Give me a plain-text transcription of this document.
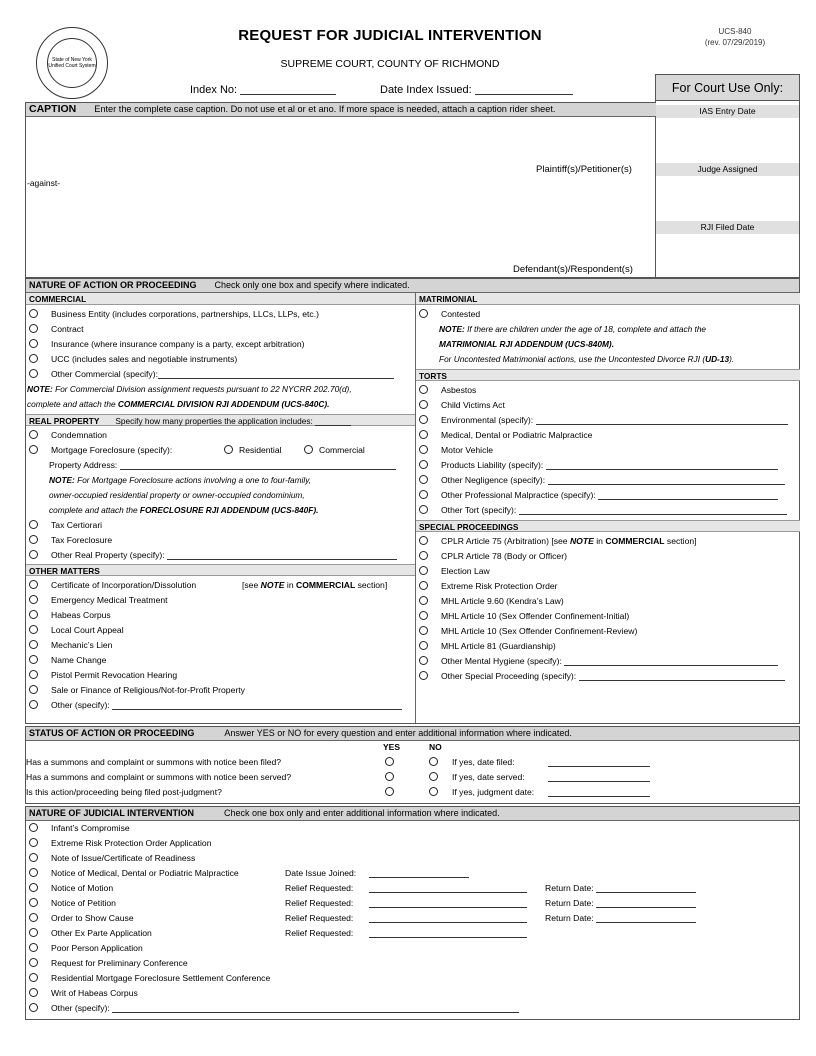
State of New York Unified Court System
REQUEST FOR JUDICIAL INTERVENTION
SUPREME COURT, COUNTY OF RICHMOND
UCS-840
(rev. 07/29/2019)
Index No:	Date Index Issued:	For Court Use Only:
IAS Entry Date
Judge Assigned
RJI Filed Date
CAPTION Enter the complete case caption. Do not use et al or et ano. If more space is needed, attach a caption rider sheet.
Plaintiff(s)/Petitioner(s)
-against-
Defendant(s)/Respondent(s)
NATURE OF ACTION OR PROCEEDING Check only one box and specify where indicated.
COMMERCIAL
Business Entity (includes corporations, partnerships, LLCs, LLPs, etc.)
Contract
Insurance (where insurance company is a party, except arbitration)
UCC (includes sales and negotiable instruments)
Other Commercial (specify):
NOTE: For Commercial Division assignment requests pursuant to 22 NYCRR 202.70(d),
complete and attach the COMMERCIAL DIVISION RJI ADDENDUM (UCS-840C).
REAL PROPERTY Specify how many properties the application includes:
Condemnation
Mortgage Foreclosure (specify):	Residential	Commercial
Property Address:
NOTE: For Mortgage Foreclosure actions involving a one to four-family,
owner-occupied residential property or owner-occupied condominium,
complete and attach the FORECLOSURE RJI ADDENDUM (UCS-840F).
Tax Certiorari
Tax Foreclosure
Other Real Property (specify):
OTHER MATTERS
Certificate of Incorporation/Dissolution	[see NOTE in COMMERCIAL section]
Emergency Medical Treatment
Habeas Corpus
Local Court Appeal
Mechanic’s Lien
Name Change
Pistol Permit Revocation Hearing
Sale or Finance of Religious/Not-for-Profit Property
Other (specify):
MATRIMONIAL
Contested
NOTE: If there are children under the age of 18, complete and attach the
MATRIMONIAL RJI ADDENDUM (UCS-840M).
For Uncontested Matrimonial actions, use the Uncontested Divorce RJI (UD-13).
TORTS
Asbestos
Child Victims Act
Environmental (specify):
Medical, Dental or Podiatric Malpractice
Motor Vehicle
Products Liability (specify):
Other Negligence (specify):
Other Professional Malpractice (specify):
Other Tort (specify):
SPECIAL PROCEEDINGS
CPLR Article 75 (Arbitration) [see NOTE in COMMERCIAL section]
CPLR Article 78 (Body or Officer)
Election Law
Extreme Risk Protection Order
MHL Article 9.60 (Kendra’s Law)
MHL Article 10 (Sex Offender Confinement-Initial)
MHL Article 10 (Sex Offender Confinement-Review)
MHL Article 81 (Guardianship)
Other Mental Hygiene (specify):
Other Special Proceeding (specify):
STATUS OF ACTION OR PROCEEDING	Answer YES or NO for every question and enter additional information where indicated.
YES	NO
Has a summons and complaint or summons with notice been filed?	If yes, date filed:
Has a summons and complaint or summons with notice been served?	If yes, date served:
Is this action/proceeding being filed post-judgment?	If yes, judgment date:
NATURE OF JUDICIAL INTERVENTION	Check one box only and enter additional information where indicated.
Infant’s Compromise
Extreme Risk Protection Order Application
Note of Issue/Certificate of Readiness
Notice of Medical, Dental or Podiatric Malpractice	Date Issue Joined:
Notice of Motion	Relief Requested:	Return Date:
Notice of Petition	Relief Requested:	Return Date:
Order to Show Cause	Relief Requested:	Return Date:
Other Ex Parte Application	Relief Requested:
Poor Person Application
Request for Preliminary Conference
Residential Mortgage Foreclosure Settlement Conference
Writ of Habeas Corpus
Other (specify):
